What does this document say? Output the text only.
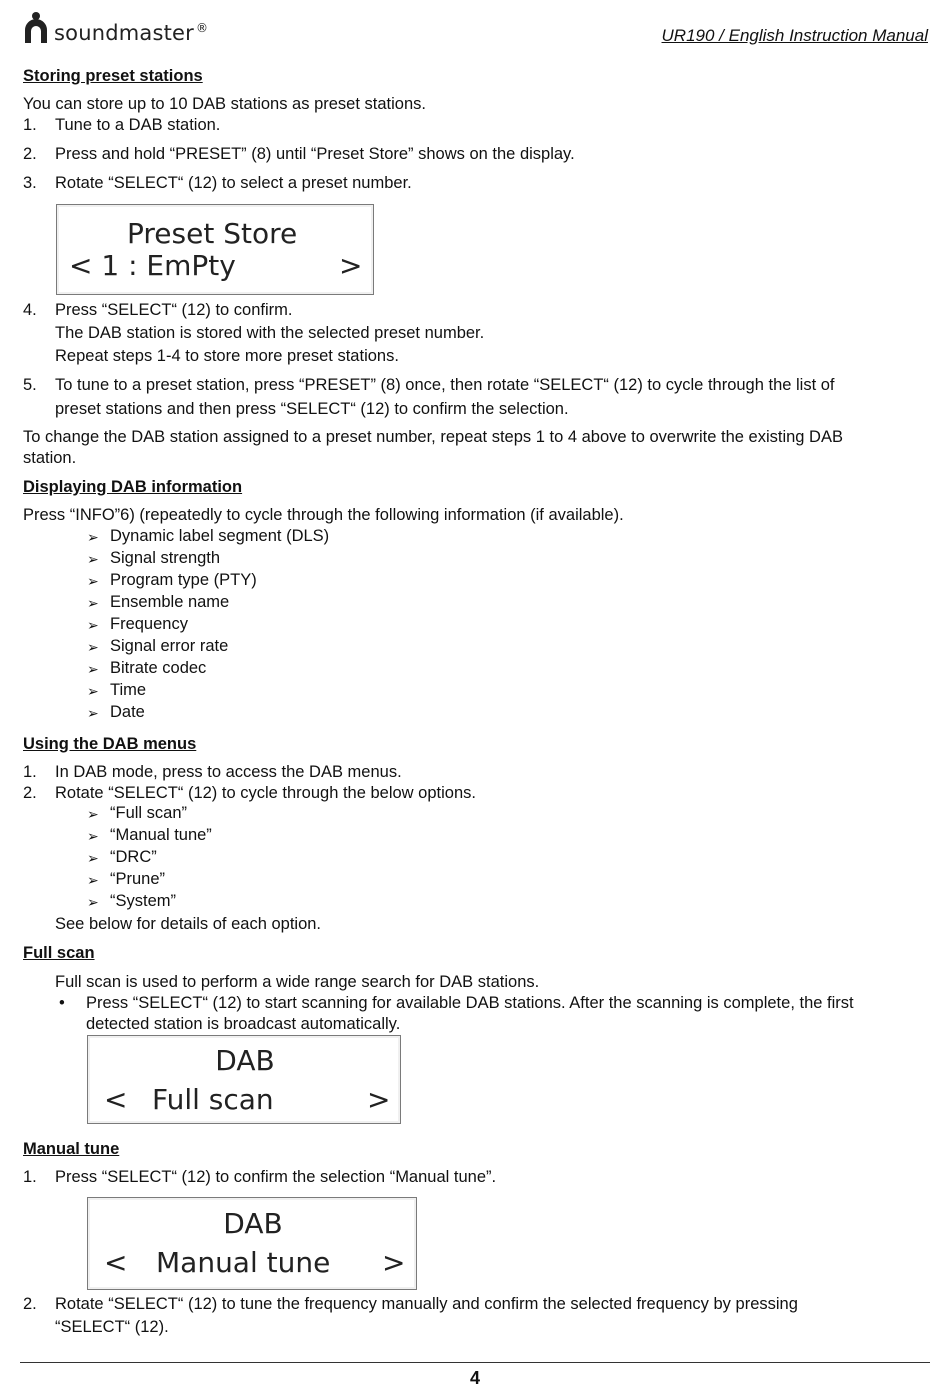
soundmaster ®	UR190 / English Instruction Manual
Storing preset stations
You can store up to 10 DAB stations as preset stations.
1. Tune to a DAB station.
2. Press and hold “PRESET” (8) until “Preset Store” shows on the display.
3. Rotate “SELECT“ (12) to select a preset number.
Preset Store
< 1 : EmPty	>
4. Press “SELECT“ (12) to confirm.
The DAB station is stored with the selected preset number.
Repeat steps 1-4 to store more preset stations.
5. To tune to a preset station, press “PRESET” (8) once, then rotate “SELECT“ (12) to cycle through the list of
preset stations and then press “SELECT“ (12) to confirm the selection.
To change the DAB station assigned to a preset number, repeat steps 1 to 4 above to overwrite the existing DAB
station.
Displaying DAB information
Press “INFO”6) (repeatedly to cycle through the following information (if available).
➢ Dynamic label segment (DLS)
➢ Signal strength
➢ Program type (PTY)
➢ Ensemble name
➢ Frequency
➢ Signal error rate
➢ Bitrate codec
➢ Time
➢ Date
Using the DAB menus
1. In DAB mode, press to access the DAB menus.
2. Rotate “SELECT“ (12) to cycle through the below options.
➢ “Full scan”
➢ “Manual tune”
➢ “DRC”
➢ “Prune”
➢ “System”
See below for details of each option.
Full scan
Full scan is used to perform a wide range search for DAB stations.
• Press “SELECT“ (12) to start scanning for available DAB stations. After the scanning is complete, the first
detected station is broadcast automatically.
DAB
< Full scan	>
Manual tune
1. Press “SELECT“ (12) to confirm the selection “Manual tune”.
DAB
< Manual tune >
2. Rotate “SELECT“ (12) to tune the frequency manually and confirm the selected frequency by pressing
“SELECT“ (12).
4
